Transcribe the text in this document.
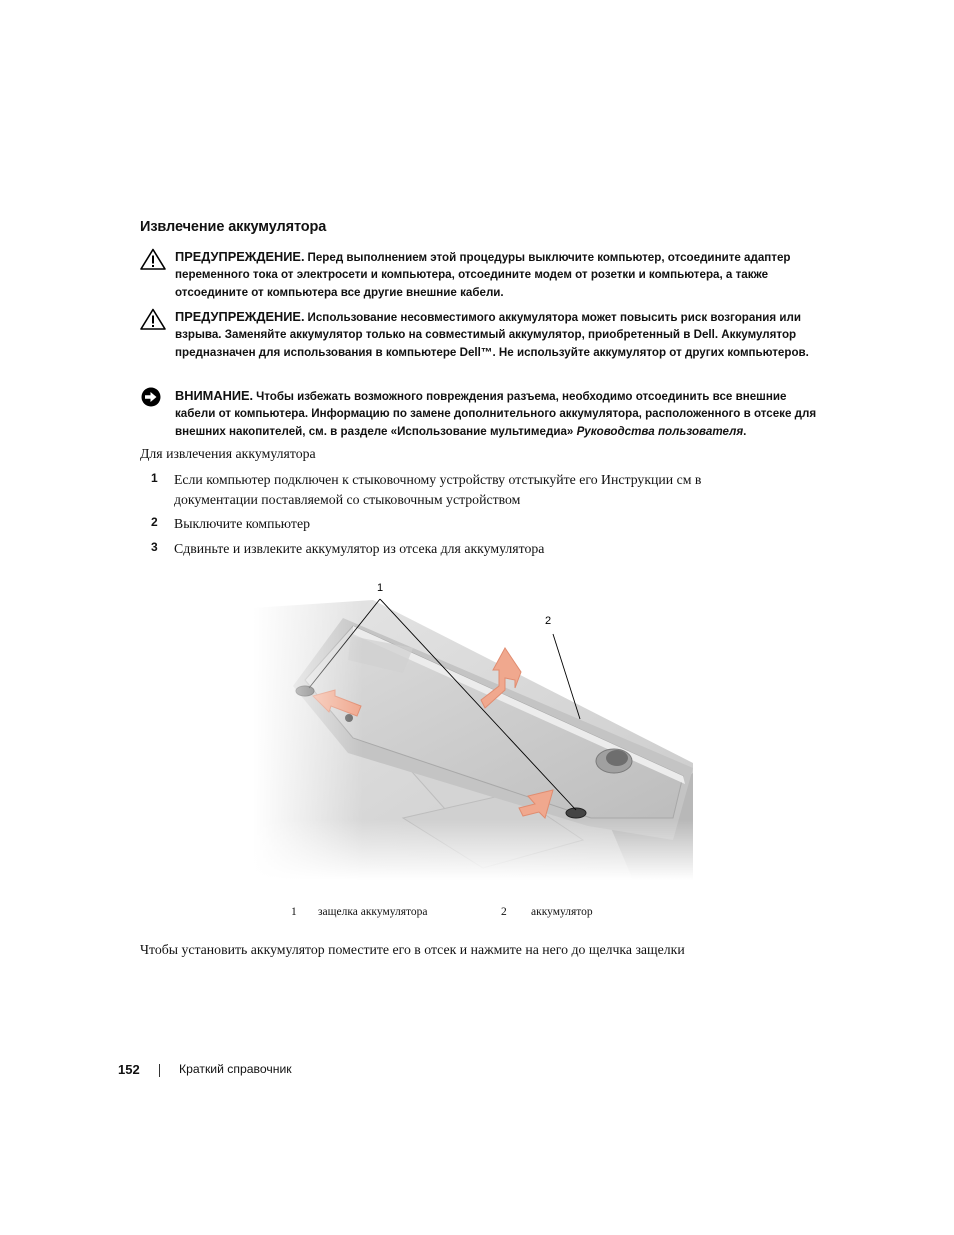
Извлечение аккумулятора
ПРЕДУПРЕЖДЕНИЕ. Перед выполнением этой процедуры выключите компьютер, отсоедините адаптер переменного тока от электросети и компьютера, отсоедините модем от розетки и компьютера, а также отсоедините от компьютера все другие внешние кабели.
ПРЕДУПРЕЖДЕНИЕ. Использование несовместимого аккумулятора может повысить риск возгорания или взрыва. Заменяйте аккумулятор только на совместимый аккумулятор, приобретенный в Dell. Аккумулятор предназначен для использования в компьютере Dell™. Не используйте аккумулятор от других компьютеров.
ВНИМАНИЕ. Чтобы избежать возможного повреждения разъема, необходимо отсоединить все внешние кабели от компьютера. Информацию по замене дополнительного аккумулятора, расположенного в отсеке для внешних накопителей, см. в разделе «Использование мультимедиа» Руководства пользователя.
Для извлечения аккумулятора
1 Если компьютер подключен к стыковочному устройству отстыкуйте его Инструкции см в документации поставляемой со стыковочным устройством
2 Выключите компьютер
3 Сдвиньте и извлеките аккумулятор из отсека для аккумулятора
1 защелка аккумулятора	2 аккумулятор
Чтобы установить аккумулятор поместите его в отсек и нажмите на него до щелчка защелки
152	Краткий справочник
